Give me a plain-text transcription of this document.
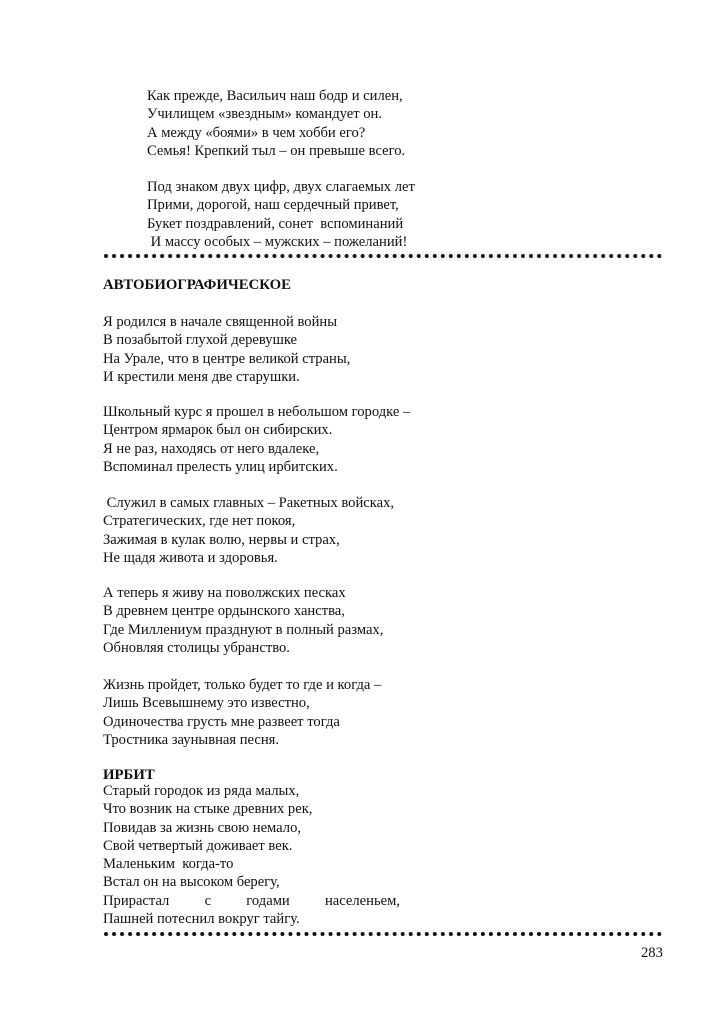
Как прежде, Васильич наш бодр и силен,
Училищем «звездным» командует он.
А между «боями» в чем хобби его?
Семья! Крепкий тыл – он превыше всего.
Под знаком двух цифр, двух слагаемых лет
Прими, дорогой, наш сердечный привет,
Букет поздравлений, сонет  вспоминаний
И массу особых – мужских – пожеланий!
АВТОБИОГРАФИЧЕСКОЕ
Я родился в начале священной войны
В позабытой глухой деревушке
На Урале, что в центре великой страны,
И крестили меня две старушки.
Школьный курс я прошел в небольшом городке –
Центром ярмарок был он сибирских.
Я не раз, находясь от него вдалеке,
Вспоминал прелесть улиц ирбитских.
Служил в самых главных – Ракетных войсках,
Стратегических, где нет покоя,
Зажимая в кулак волю, нервы и страх,
Не щадя живота и здоровья.
А теперь я живу на поволжских песках
В древнем центре ордынского ханства,
Где Миллениум празднуют в полный размах,
Обновляя столицы убранство.
Жизнь пройдет, только будет то где и когда –
Лишь Всевышнему это известно,
Одиночества грусть мне развеет тогда
Тростника заунывная песня.
ИРБИТ
Старый городок из ряда малых,
Что возник на стыке древних рек,
Повидав за жизнь свою немало,
Свой четвертый доживает век.
Маленьким  когда-то
Встал он на высоком берегу,
Прирастал с годами населеньем,
Пашней потеснил вокруг тайгу.
283
